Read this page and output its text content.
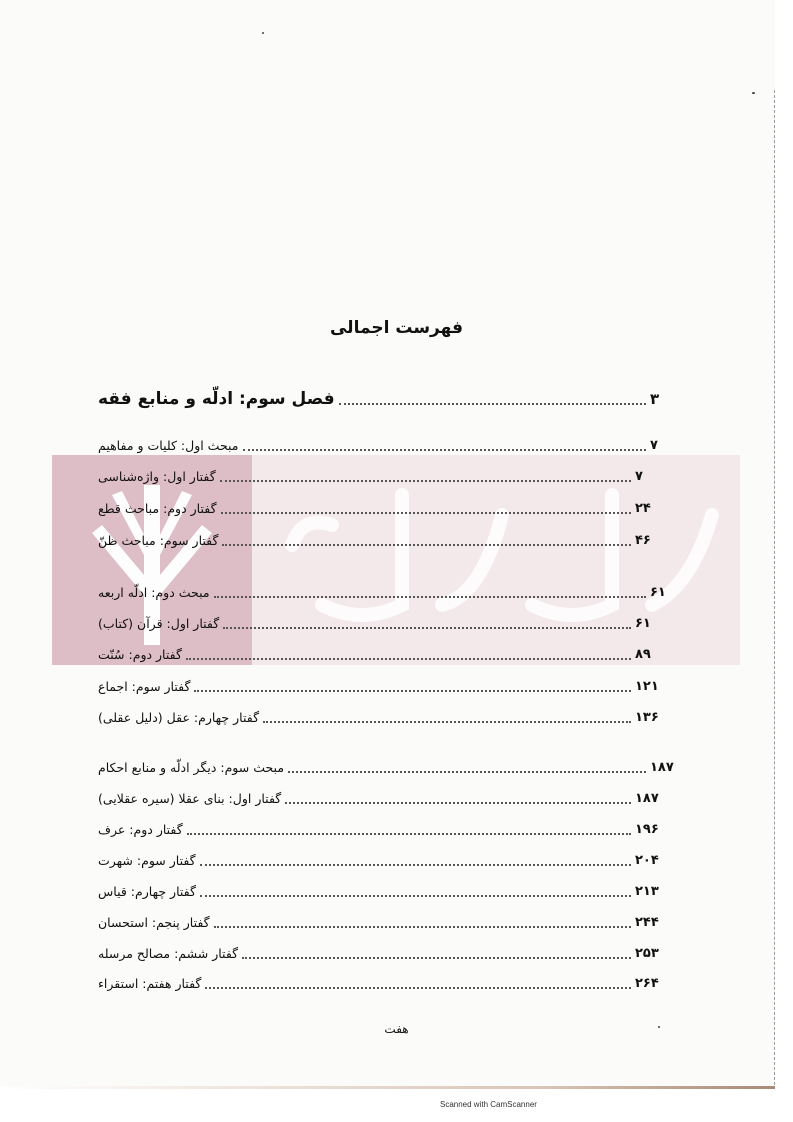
فهرست اجمالی
فصل سوم: ادلّه و منابع فقه	۳
مبحث اول: کلیات و مفاهیم	۷
گفتار اول: واژه‌شناسی	۷
گفتار دوم: مباحث قطع	۲۴
گفتار سوم: مباحث ظنّ	۴۶
مبحث دوم: ادلّه اربعه	۶۱
گفتار اول: قرآن (کتاب)	۶۱
گفتار دوم: سُنّت	۸۹
گفتار سوم: اجماع	۱۲۱
گفتار چهارم: عقل (دلیل عقلی)	۱۳۶
مبحث سوم: دیگر ادلّه و منابع احکام	۱۸۷
گفتار اول: بنای عقلا (سیره عقلایی)	۱۸۷
گفتار دوم: عرف	۱۹۶
گفتار سوم: شهرت	۲۰۴
گفتار چهارم: قیاس	۲۱۳
گفتار پنجم: استحسان	۲۴۴
گفتار ششم: مصالح مرسله	۲۵۳
گفتار هفتم: استقراء	۲۶۴
هفت
Scanned with CamScanner
